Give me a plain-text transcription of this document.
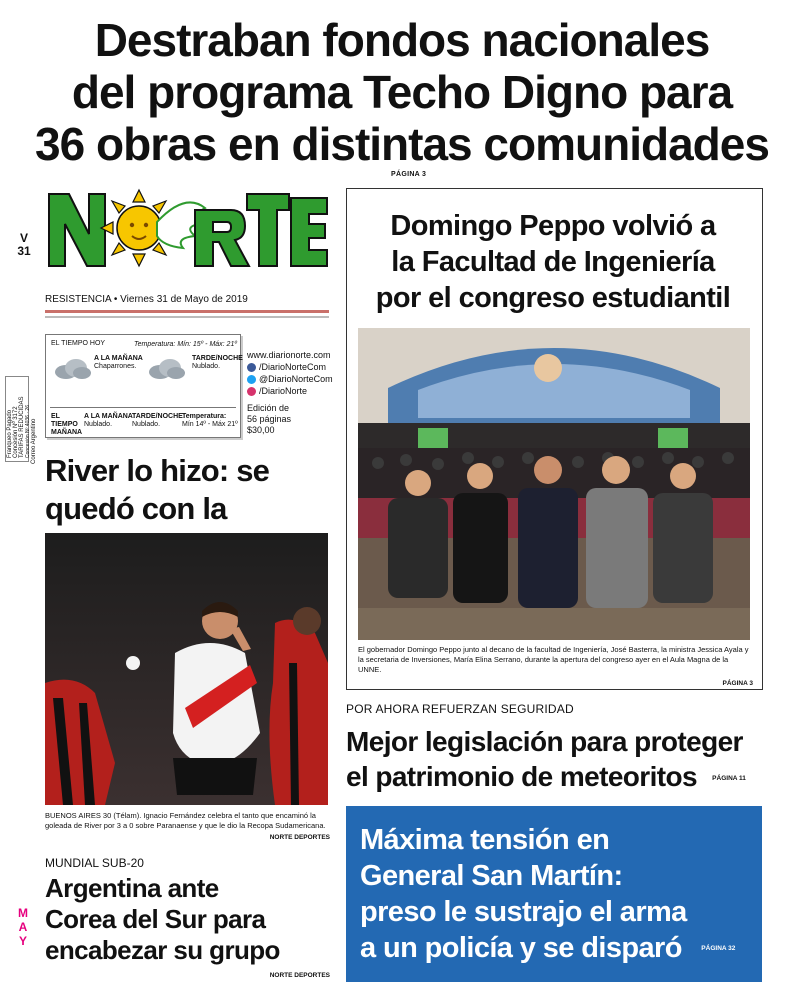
Destraban fondos nacionales
del programa Techo Digno para
36 obras en distintas comunidades
PÁGINA 3
V
31
RESISTENCIA • Viernes 31 de Mayo de 2019
EL TIEMPO HOY	Temperatura: Mín: 15º - Máx: 21º
A LA MAÑANA
Chaparrones.
TARDE/NOCHE
Nublado.
EL TIEMPO MAÑANA
A LA MAÑANA:
Nublado.
TARDE/NOCHE:
Nublado.
Temperatura:
Mín 14º - Máx 21º
www.diarionorte.com
/DiarioNorteCom
@DiarioNorteCom
/DiarioNorte
Edición de
56 páginas
$30,00
Franqueo Pagado Concesión Nº 3172 TARIFAS REDUCIDAS Concesión Nº 4036 · 26 Correo Argentino
River lo hizo: se
quedó con la
BUENOS AIRES 30 (Télam). Ignacio Fernández celebra el tanto que encaminó la goleada de River por 3 a 0 sobre Paranaense y que le dio la Recopa Sudamericana.
NORTE DEPORTES
MUNDIAL SUB-20
Argentina ante
Corea del Sur para
encabezar su grupo
NORTE DEPORTES
M
A
Y
Domingo Peppo volvió a
la Facultad de Ingeniería
por el congreso estudiantil
El gobernador Domingo Peppo junto al decano de la facultad de Ingeniería, José Basterra, la ministra Jessica Ayala y la secretaria de Inversiones, María Elina Serrano, durante la apertura del congreso ayer en el Aula Magna de la UNNE.
PÁGINA 3
POR AHORA REFUERZAN SEGURIDAD
Mejor legislación para proteger
el patrimonio de meteoritos PÁGINA 11
Máxima tensión en
General San Martín:
preso le sustrajo el arma
a un policía y se disparó	PÁGINA 32
